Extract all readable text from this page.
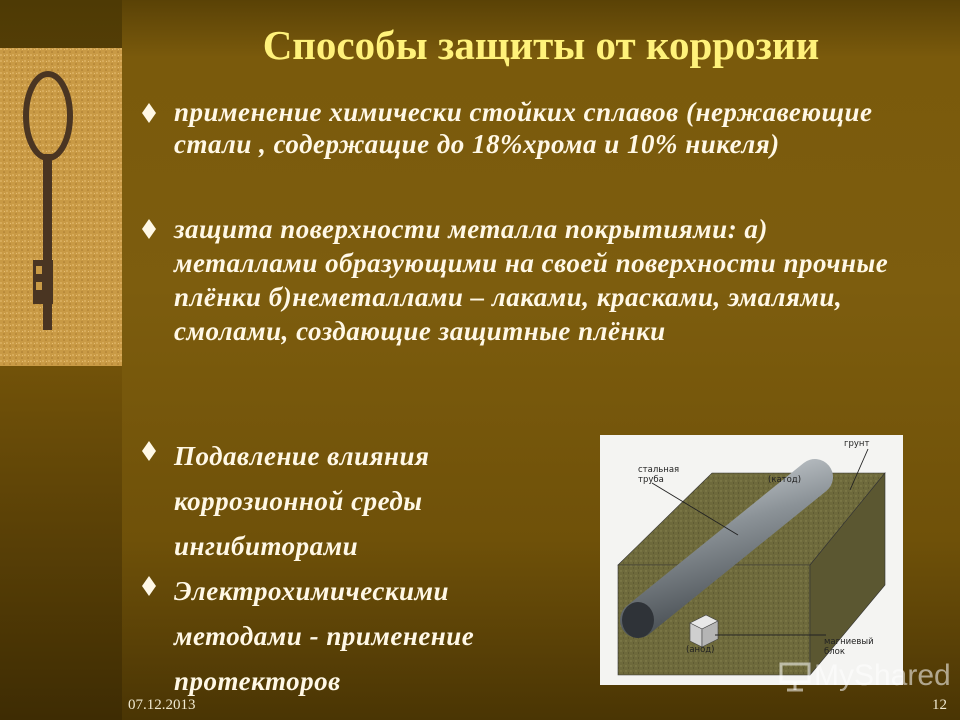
Способы защиты от коррозии
применение химически стойких сплавов (нержавеющие стали , содержащие до 18%хрома и 10% никеля)
защита поверхности металла покрытиями: а) металлами образующими на своей поверхности прочные плёнки б)неметаллами – лаками, красками, эмалями, смолами, создающие защитные плёнки
Подавление влияния коррозионной среды ингибиторами
Электрохимическими методами - применение протекторов
грунт
стальная труба	(катод)
магниевый блок
(анод)
MyShared
07.12.2013	12
